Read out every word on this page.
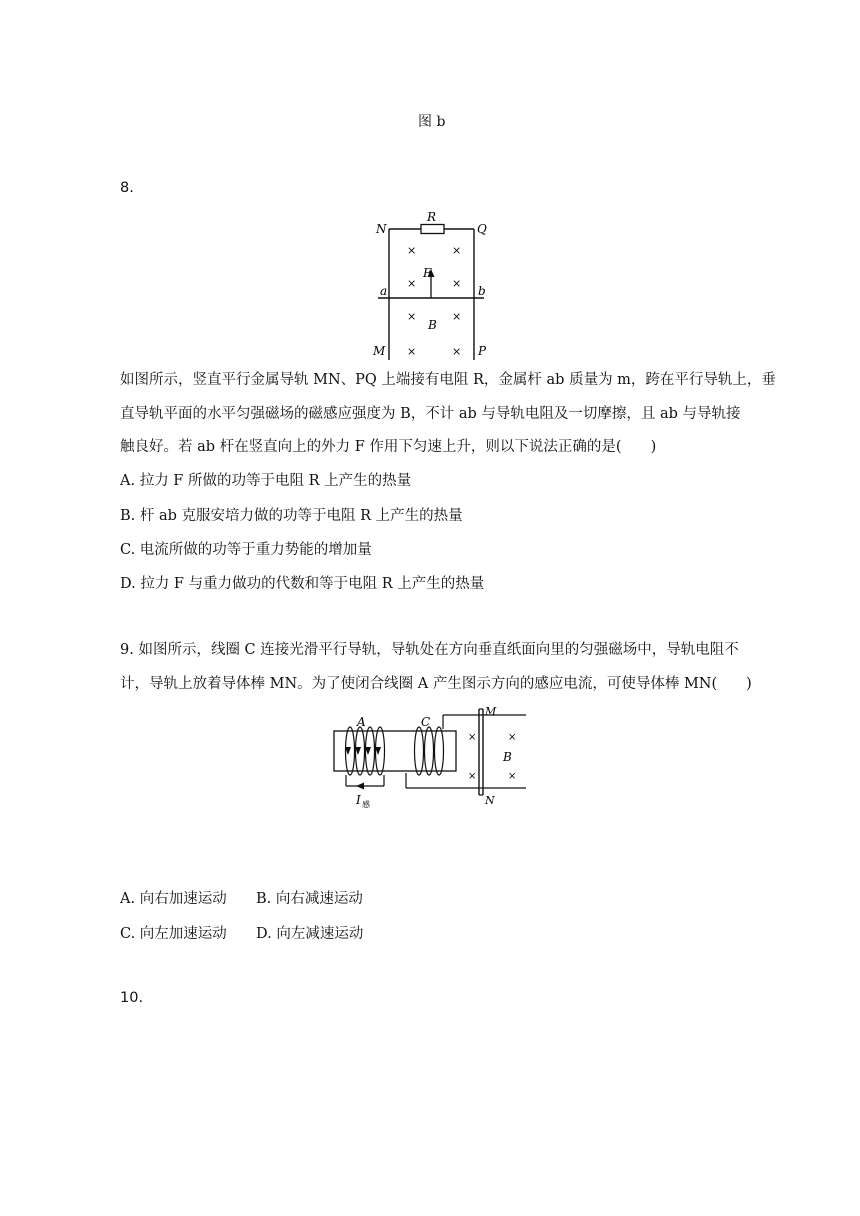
图 b
8.
×	×
×	×
×	×
×	×
R
N	Q
F
a	b
B
M	P
如图所示，竖直平行金属导轨 MN、PQ 上端接有电阻 R，金属杆 ab 质量为 m，跨在平行导轨上，垂
直导轨平面的水平匀强磁场的磁感应强度为 B，不计 ab 与导轨电阻及一切摩擦，且 ab 与导轨接
触良好。若 ab 杆在竖直向上的外力 F 作用下匀速上升，则以下说法正确的是(　　)
A. 拉力 F 所做的功等于电阻 R 上产生的热量
B. 杆 ab 克服安培力做的功等于电阻 R 上产生的热量
C. 电流所做的功等于重力势能的增加量
D. 拉力 F 与重力做功的代数和等于电阻 R 上产生的热量
9. 如图所示，线圈 C 连接光滑平行导轨，导轨处在方向垂直纸面向里的匀强磁场中，导轨电阻不
计，导轨上放着导体棒 MN。为了使闭合线圈 A 产生图示方向的感应电流，可使导体棒 MN(　　)
×	×
×	×
A	C
M
N
B
I 感
A. 向右加速运动 B. 向右减速运动
C. 向左加速运动 D. 向左减速运动
10.
